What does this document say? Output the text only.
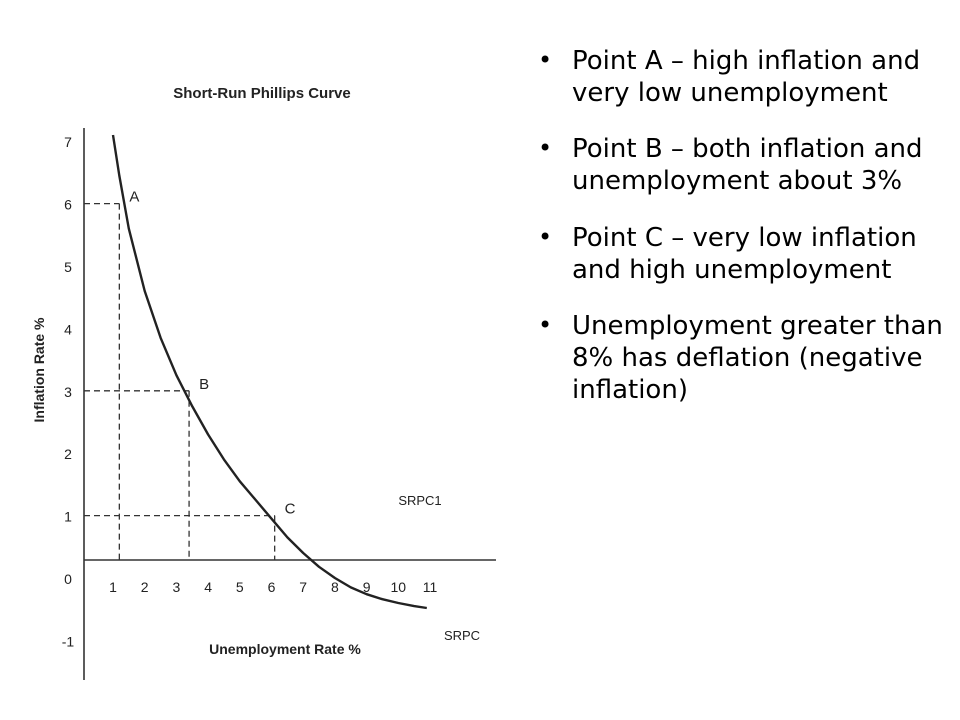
Short-Run Phillips Curve
7
6
5
4
3
2
1
0
-1
1 2 3 4 5 6 7 8 9 10 11
Inflation Rate %
Unemployment Rate %
A
B
C
SRPC1
SRPC
• Point A – high inflation and very low unemployment
• Point B – both inflation and unemployment about 3%
• Point C – very low inflation and high unemployment
• Unemployment greater than 8% has deflation (negative inflation)
